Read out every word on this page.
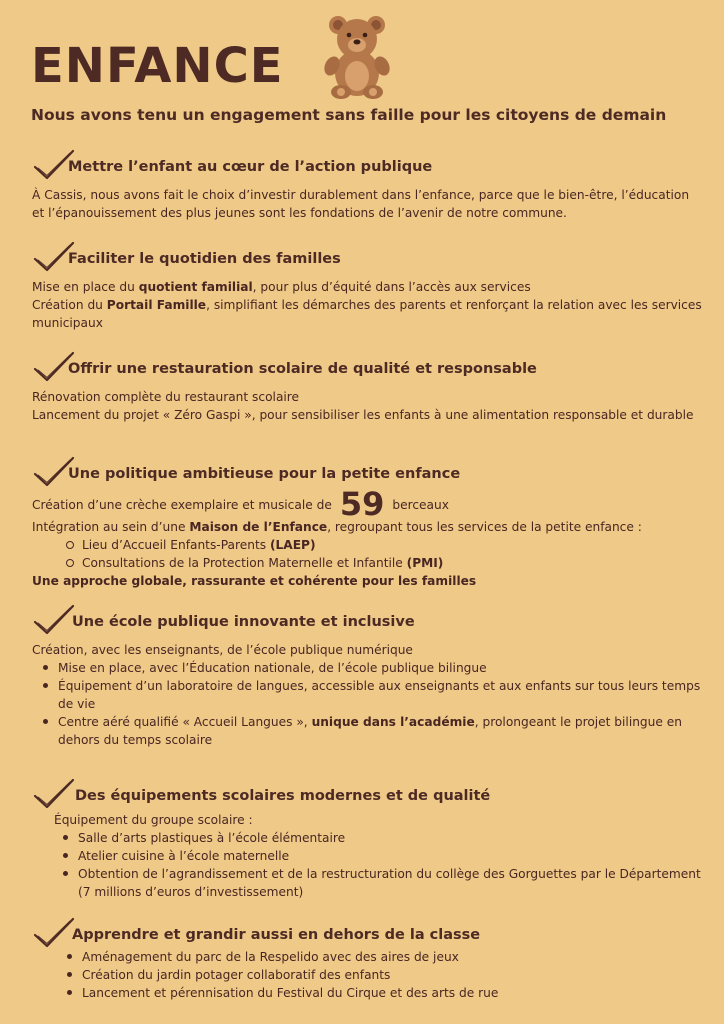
ENFANCE
Nous avons tenu un engagement sans faille pour les citoyens de demain
Mettre l’enfant au cœur de l’action publique

À Cassis, nous avons fait le choix d’investir durablement dans l’enfance, parce que le bien-être, l’éducation et l’épanouissement des plus jeunes sont les fondations de l’avenir de notre commune.

Faciliter le quotidien des familles

Mise en place du quotient familial, pour plus d’équité dans l’accès aux services

Création du Portail Famille, simplifiant les démarches des parents et renforçant la relation avec les services municipaux

Offrir une restauration scolaire de qualité et responsable

Rénovation complète du restaurant scolaire

Lancement du projet « Zéro Gaspi », pour sensibiliser les enfants à une alimentation responsable et durable

Une politique ambitieuse pour la petite enfance

Création d’une crèche exemplaire et musicale de 59 berceaux

Intégration au sein d’une Maison de l’Enfance, regroupant tous les services de la petite enfance :

Lieu d’Accueil Enfants-Parents (LAEP)
Consultations de la Protection Maternelle et Infantile (PMI)

Une approche globale, rassurante et cohérente pour les familles

Une école publique innovante et inclusive

Création, avec les enseignants, de l’école publique numérique

Mise en place, avec l’Éducation nationale, de l’école publique bilingue
Équipement d’un laboratoire de langues, accessible aux enseignants et aux enfants sur tous leurs temps de vie
Centre aéré qualifié « Accueil Langues », unique dans l’académie, prolongeant le projet bilingue en dehors du temps scolaire
Des équipements scolaires modernes et de qualité

Équipement du groupe scolaire :

Salle d’arts plastiques à l’école élémentaire
Atelier cuisine à l’école maternelle
Obtention de l’agrandissement et de la restructuration du collège des Gorguettes par le Département (7 millions d’euros d’investissement)
Apprendre et grandir aussi en dehors de la classe
Aménagement du parc de la Respelido avec des aires de jeux
Création du jardin potager collaboratif des enfants
Lancement et pérennisation du Festival du Cirque et des arts de rue
